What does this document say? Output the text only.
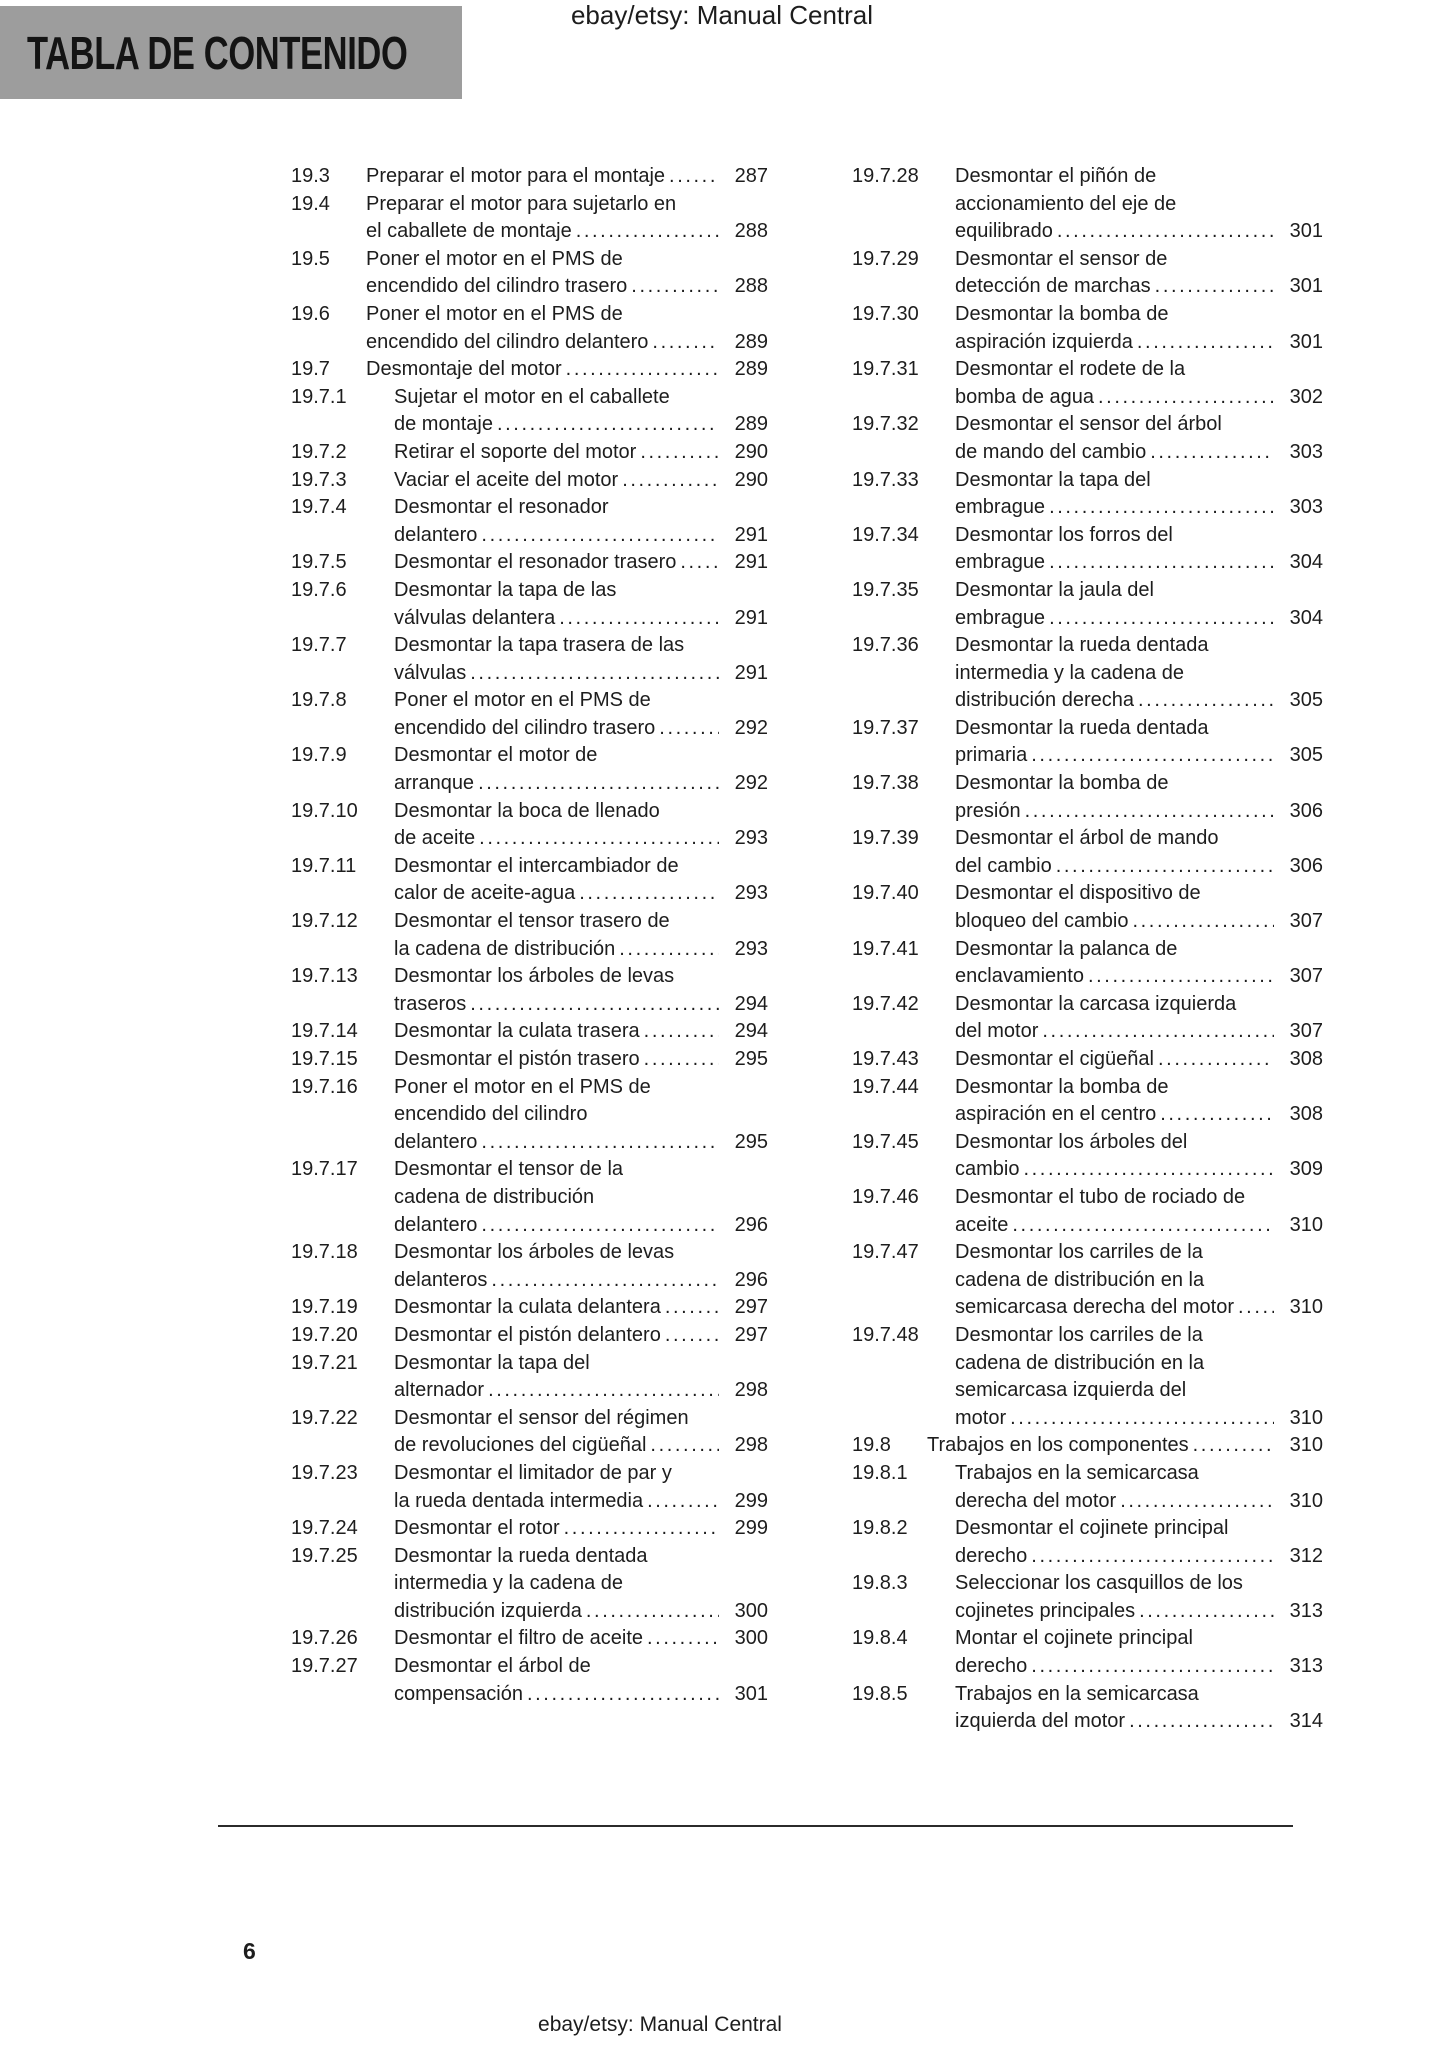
ebay/etsy: Manual Central
TABLA DE CONTENIDO
19.3 Preparar el motor para el montaje .....	287
19.4 Preparar el motor para sujetarlo en
el caballete de montaje .....	288
19.5 Poner el motor en el PMS de
encendido del cilindro trasero .....	288
19.6 Poner el motor en el PMS de
encendido del cilindro delantero .....	289
19.7 Desmontaje del motor .....	289
19.7.1 Sujetar el motor en el caballete
de montaje .....	289
19.7.2 Retirar el soporte del motor .....	290
19.7.3 Vaciar el aceite del motor .....	290
19.7.4 Desmontar el resonador
delantero .....	291
19.7.5 Desmontar el resonador trasero .....	291
19.7.6 Desmontar la tapa de las
válvulas delantera .....	291
19.7.7 Desmontar la tapa trasera de las
válvulas .....	291
19.7.8 Poner el motor en el PMS de
encendido del cilindro trasero .....	292
19.7.9 Desmontar el motor de
arranque .....	292
19.7.10 Desmontar la boca de llenado
de aceite .....	293
19.7.11 Desmontar el intercambiador de
calor de aceite-agua .....	293
19.7.12 Desmontar el tensor trasero de
la cadena de distribución .....	293
19.7.13 Desmontar los árboles de levas
traseros .....	294
19.7.14 Desmontar la culata trasera .....	294
19.7.15 Desmontar el pistón trasero .....	295
19.7.16 Poner el motor en el PMS de
encendido del cilindro
delantero .....	295
19.7.17 Desmontar el tensor de la
cadena de distribución
delantero .....	296
19.7.18 Desmontar los árboles de levas
delanteros .....	296
19.7.19 Desmontar la culata delantera .....	297
19.7.20 Desmontar el pistón delantero .....	297
19.7.21 Desmontar la tapa del
alternador .....	298
19.7.22 Desmontar el sensor del régimen
de revoluciones del cigüeñal .....	298
19.7.23 Desmontar el limitador de par y
la rueda dentada intermedia .....	299
19.7.24 Desmontar el rotor .....	299
19.7.25 Desmontar la rueda dentada
intermedia y la cadena de
distribución izquierda .....	300
19.7.26 Desmontar el filtro de aceite .....	300
19.7.27 Desmontar el árbol de
compensación .....	301
19.7.28 Desmontar el piñón de
accionamiento del eje de
equilibrado .....	301
19.7.29 Desmontar el sensor de
detección de marchas .....	301
19.7.30 Desmontar la bomba de
aspiración izquierda .....	301
19.7.31 Desmontar el rodete de la
bomba de agua .....	302
19.7.32 Desmontar el sensor del árbol
de mando del cambio .....	303
19.7.33 Desmontar la tapa del
embrague .....	303
19.7.34 Desmontar los forros del
embrague .....	304
19.7.35 Desmontar la jaula del
embrague .....	304
19.7.36 Desmontar la rueda dentada
intermedia y la cadena de
distribución derecha .....	305
19.7.37 Desmontar la rueda dentada
primaria .....	305
19.7.38 Desmontar la bomba de
presión .....	306
19.7.39 Desmontar el árbol de mando
del cambio .....	306
19.7.40 Desmontar el dispositivo de
bloqueo del cambio .....	307
19.7.41 Desmontar la palanca de
enclavamiento .....	307
19.7.42 Desmontar la carcasa izquierda
del motor .....	307
19.7.43 Desmontar el cigüeñal .....	308
19.7.44 Desmontar la bomba de
aspiración en el centro .....	308
19.7.45 Desmontar los árboles del
cambio .....	309
19.7.46 Desmontar el tubo de rociado de
aceite .....	310
19.7.47 Desmontar los carriles de la
cadena de distribución en la
semicarcasa derecha del motor .....	310
19.7.48 Desmontar los carriles de la
cadena de distribución en la
semicarcasa izquierda del
motor .....	310
19.8 Trabajos en los componentes .....	310
19.8.1 Trabajos en la semicarcasa
derecha del motor .....	310
19.8.2 Desmontar el cojinete principal
derecho .....	312
19.8.3 Seleccionar los casquillos de los
cojinetes principales .....	313
19.8.4 Montar el cojinete principal
derecho .....	313
19.8.5 Trabajos en la semicarcasa
izquierda del motor .....	314
6
ebay/etsy: Manual Central
